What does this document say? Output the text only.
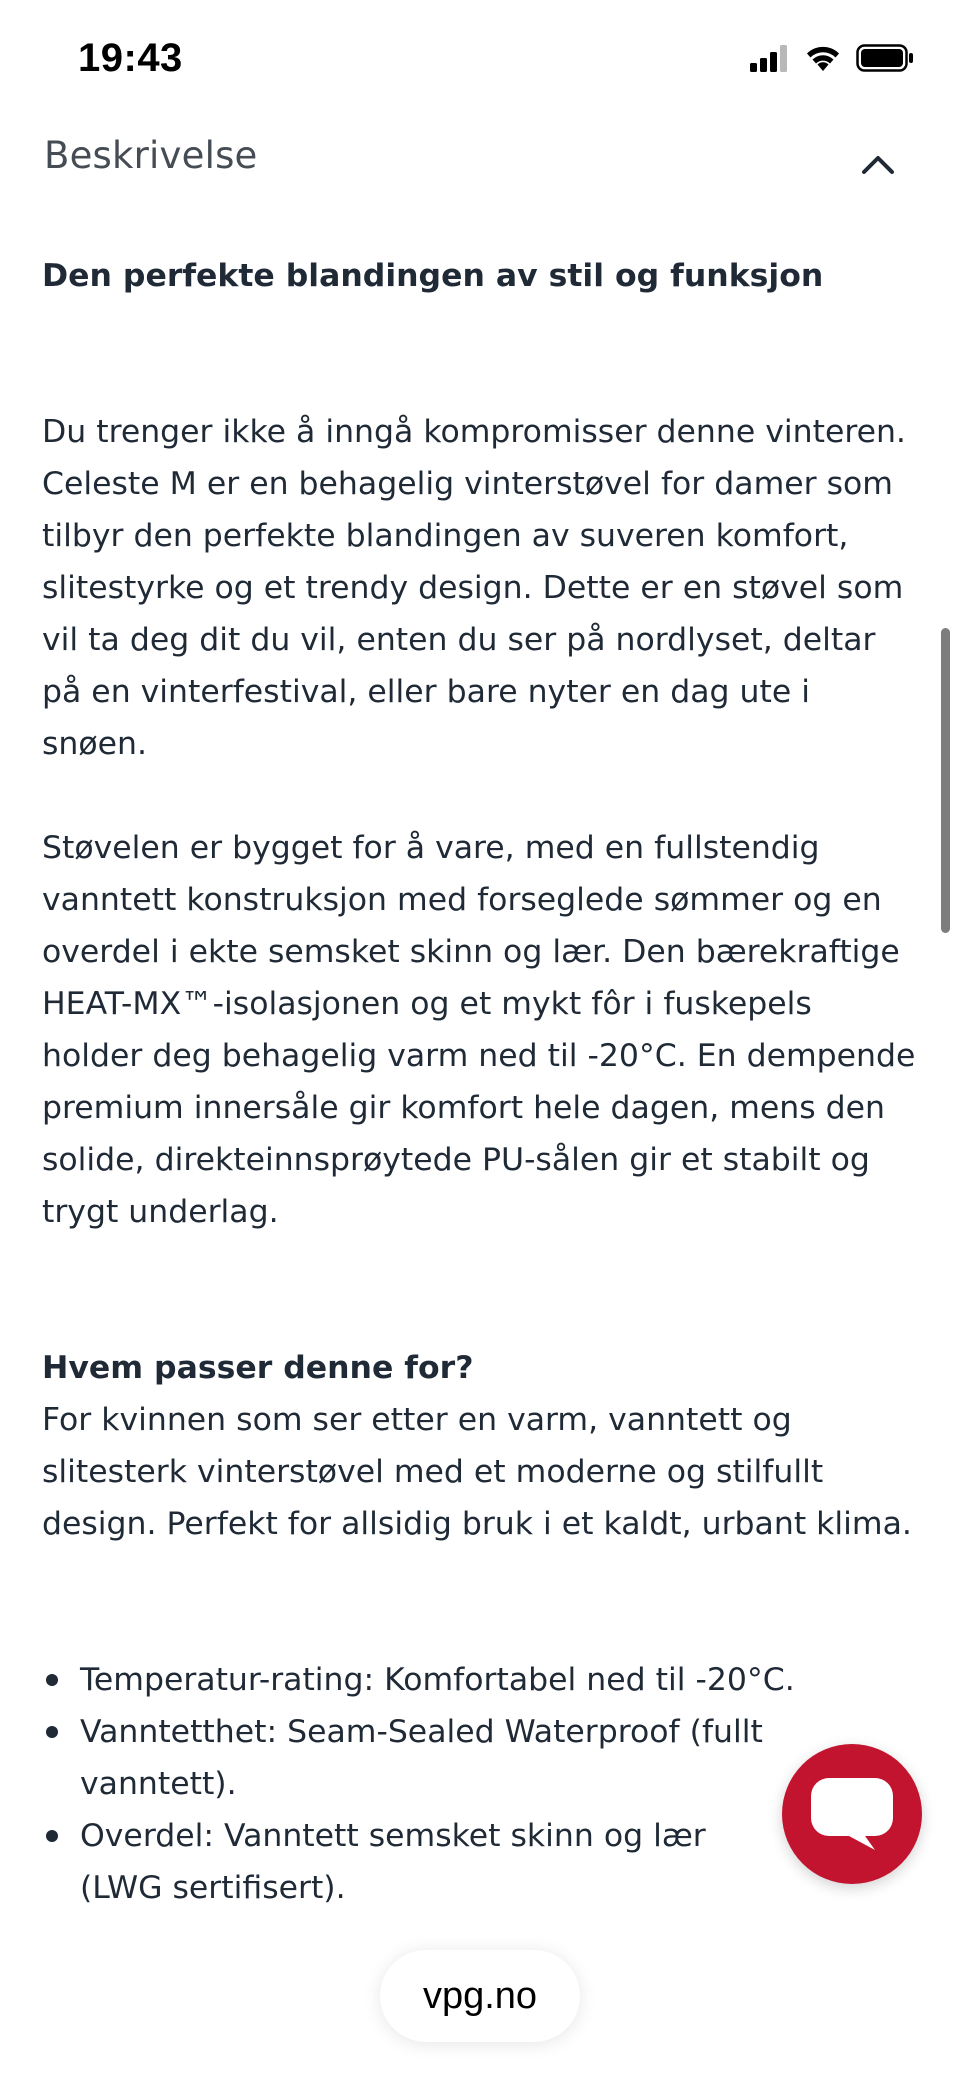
19:43
Beskrivelse
Den perfekte blandingen av stil og funksjon

Du trenger ikke å inngå kompromisser denne vinteren. Celeste M er en behagelig vinterstøvel for damer som tilbyr den perfekte blandingen av suveren komfort, slitestyrke og et trendy design. Dette er en støvel som vil ta deg dit du vil, enten du ser på nordlyset, deltar på en vinterfestival, eller bare nyter en dag ute i snøen.

Støvelen er bygget for å vare, med en fullstendig vanntett konstruksjon med forseglede sømmer og en overdel i ekte semsket skinn og lær. Den bærekraftige HEAT-MX™-isolasjonen og et mykt fôr i fuskepels holder deg behagelig varm ned til -20°C. En dempende premium innersåle gir komfort hele dagen, mens den solide, direkteinnsprøytede PU-sålen gir et stabilt og trygt underlag.

Hvem passer denne for?

For kvinnen som ser etter en varm, vanntett og slitesterk vinterstøvel med et moderne og stilfullt design. Perfekt for allsidig bruk i et kaldt, urbant klima.

Temperatur-rating: Komfortabel ned til -20°C.
Vanntetthet: Seam-Sealed Waterproof (fullt vanntett).
Overdel: Vanntett semsket skinn og lær (LWG sertifisert).
vpg.no
